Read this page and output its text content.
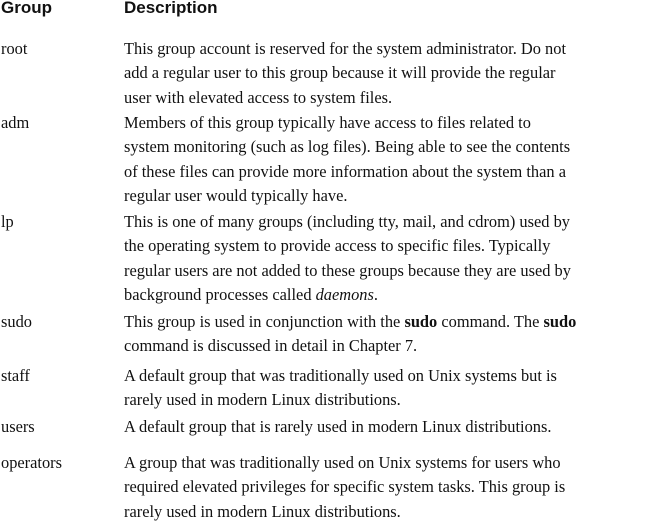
Group	Description
root	This group account is reserved for the system administrator. Do not
add a regular user to this group because it will provide the regular
user with elevated access to system files.
adm	Members of this group typically have access to files related to
system monitoring (such as log files). Being able to see the contents
of these files can provide more information about the system than a
regular user would typically have.
lp	This is one of many groups (including tty, mail, and cdrom) used by
the operating system to provide access to specific files. Typically
regular users are not added to these groups because they are used by
background processes called daemons.
sudo	This group is used in conjunction with the sudo command. The sudo
command is discussed in detail in Chapter 7.
staff	A default group that was traditionally used on Unix systems but is
rarely used in modern Linux distributions.
users	A default group that is rarely used in modern Linux distributions.
operators	A group that was traditionally used on Unix systems for users who
required elevated privileges for specific system tasks. This group is
rarely used in modern Linux distributions.
